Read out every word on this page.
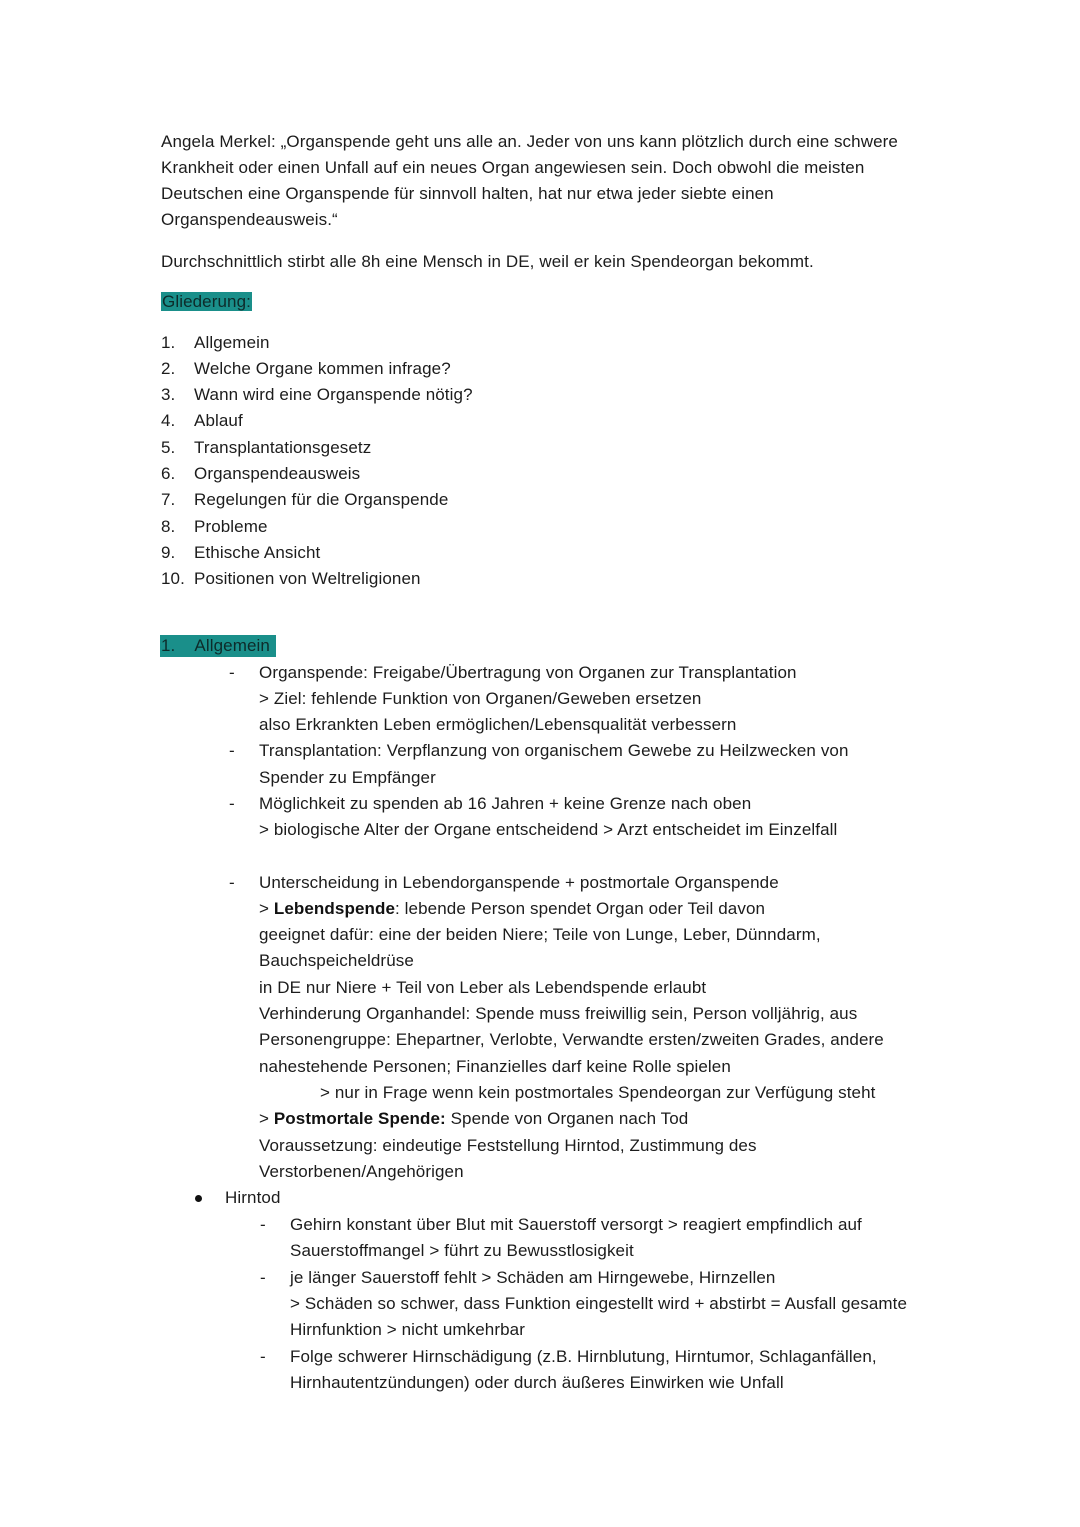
Angela Merkel: „Organspende geht uns alle an. Jeder von uns kann plötzlich durch eine schwere
Krankheit oder einen Unfall auf ein neues Organ angewiesen sein. Doch obwohl die meisten
Deutschen eine Organspende für sinnvoll halten, hat nur etwa jeder siebte einen
Organspendeausweis.“
Durchschnittlich stirbt alle 8h eine Mensch in DE, weil er kein Spendeorgan bekommt.
Gliederung:
1. Allgemein
2. Welche Organe kommen infrage?
3. Wann wird eine Organspende nötig?
4. Ablauf
5. Transplantationsgesetz
6. Organspendeausweis
7. Regelungen für die Organspende
8. Probleme
9. Ethische Ansicht
10. Positionen von Weltreligionen
1. Allgemein
- Organspende: Freigabe/Übertragung von Organen zur Transplantation
> Ziel: fehlende Funktion von Organen/Geweben ersetzen
also Erkrankten Leben ermöglichen/Lebensqualität verbessern
- Transplantation: Verpflanzung von organischem Gewebe zu Heilzwecken von
Spender zu Empfänger
- Möglichkeit zu spenden ab 16 Jahren + keine Grenze nach oben
> biologische Alter der Organe entscheidend > Arzt entscheidet im Einzelfall
- Unterscheidung in Lebendorganspende + postmortale Organspende
> Lebendspende: lebende Person spendet Organ oder Teil davon
geeignet dafür: eine der beiden Niere; Teile von Lunge, Leber, Dünndarm,
Bauchspeicheldrüse
in DE nur Niere + Teil von Leber als Lebendspende erlaubt
Verhinderung Organhandel: Spende muss freiwillig sein, Person volljährig, aus
Personengruppe: Ehepartner, Verlobte, Verwandte ersten/zweiten Grades, andere
nahestehende Personen; Finanzielles darf keine Rolle spielen
> nur in Frage wenn kein postmortales Spendeorgan zur Verfügung steht
> Postmortale Spende: Spende von Organen nach Tod
Voraussetzung: eindeutige Feststellung Hirntod, Zustimmung des
Verstorbenen/Angehörigen
Hirntod
- Gehirn konstant über Blut mit Sauerstoff versorgt > reagiert empfindlich auf
Sauerstoffmangel > führt zu Bewusstlosigkeit
- je länger Sauerstoff fehlt > Schäden am Hirngewebe, Hirnzellen
> Schäden so schwer, dass Funktion eingestellt wird + abstirbt = Ausfall gesamte
Hirnfunktion > nicht umkehrbar
- Folge schwerer Hirnschädigung (z.B. Hirnblutung, Hirntumor, Schlaganfällen,
Hirnhautentzündungen) oder durch äußeres Einwirken wie Unfall
